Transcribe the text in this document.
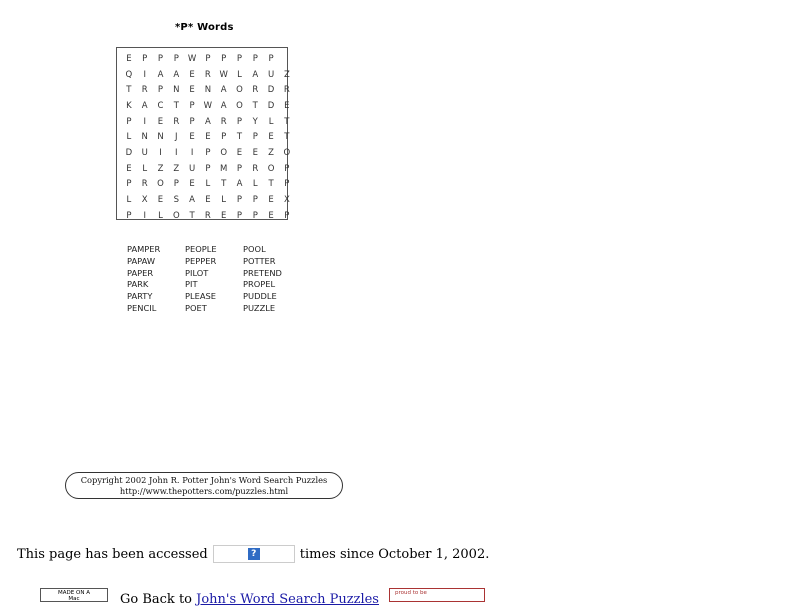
*P* Words
E	P	P	P	W	P	P	P	P	P
Q	I	A	A	E	R	W	L	A	U	Z
T	R	P	N	E	N	A	O	R	D	R
K	A	C	T	P	W	A	O	T	D	E
P	I	E	R	P	A	R	P	Y	L	T
L	N	N	J	E	E	P	T	P	E	T
D	U	I	I	I	P	O	E	E	Z	O
E	L	Z	Z	U	P	M	P	R	O	P
P	R	O	P	E	L	T	A	L	T	P
L	X	E	S	A	E	L	P	P	E	X
P	I	L	O	T	R	E	P	P	E	P
PAMPER
PAPAW
PAPER
PARK
PARTY
PENCIL
PEOPLE
PEPPER
PILOT
PIT
PLEASE
POET
POOL
POTTER
PRETEND
PROPEL
PUDDLE
PUZZLE
Copyright 2002 John R. Potter John's Word Search Puzzles
http://www.thepotters.com/puzzles.html
This page has been accessed	?	times since October 1, 2002.
MADE ON A
Mac	Go Back to John's Word Search Puzzles	proud to be
